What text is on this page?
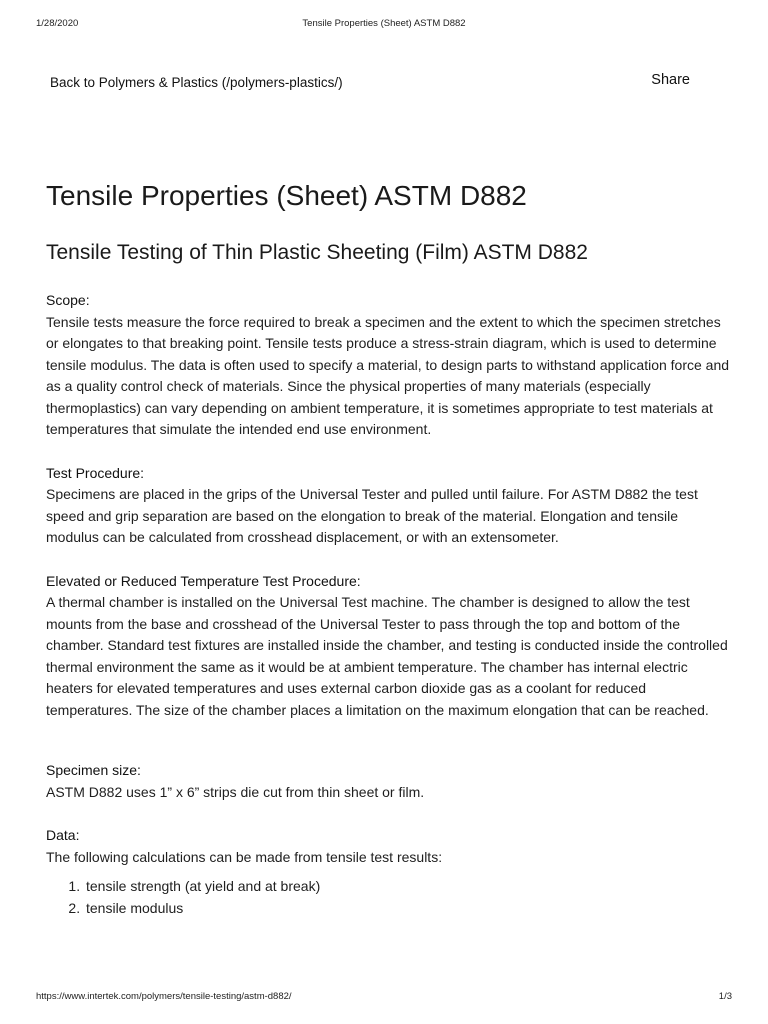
1/28/2020	Tensile Properties (Sheet) ASTM D882
Back to Polymers & Plastics (/polymers-plastics/)	Share
Tensile Properties (Sheet) ASTM D882
Tensile Testing of Thin Plastic Sheeting (Film) ASTM D882

Scope:

Tensile tests measure the force required to break a specimen and the extent to which the specimen stretches or elongates to that breaking point. Tensile tests produce a stress-strain diagram, which is used to determine tensile modulus. The data is often used to specify a material, to design parts to withstand application force and as a quality control check of materials. Since the physical properties of many materials (especially thermoplastics) can vary depending on ambient temperature, it is sometimes appropriate to test materials at temperatures that simulate the intended end use environment.

Test Procedure:

Specimens are placed in the grips of the Universal Tester and pulled until failure. For ASTM D882 the test speed and grip separation are based on the elongation to break of the material. Elongation and tensile modulus can be calculated from crosshead displacement, or with an extensometer.

Elevated or Reduced Temperature Test Procedure:

A thermal chamber is installed on the Universal Test machine. The chamber is designed to allow the test mounts from the base and crosshead of the Universal Tester to pass through the top and bottom of the chamber. Standard test fixtures are installed inside the chamber, and testing is conducted inside the controlled thermal environment the same as it would be at ambient temperature. The chamber has internal electric heaters for elevated temperatures and uses external carbon dioxide gas as a coolant for reduced temperatures. The size of the chamber places a limitation on the maximum elongation that can be reached.

Specimen size:

ASTM D882 uses 1” x 6” strips die cut from thin sheet or film.

Data:

The following calculations can be made from tensile test results:

1. tensile strength (at yield and at break)
2. tensile modulus
https://www.intertek.com/polymers/tensile-testing/astm-d882/	1/3
